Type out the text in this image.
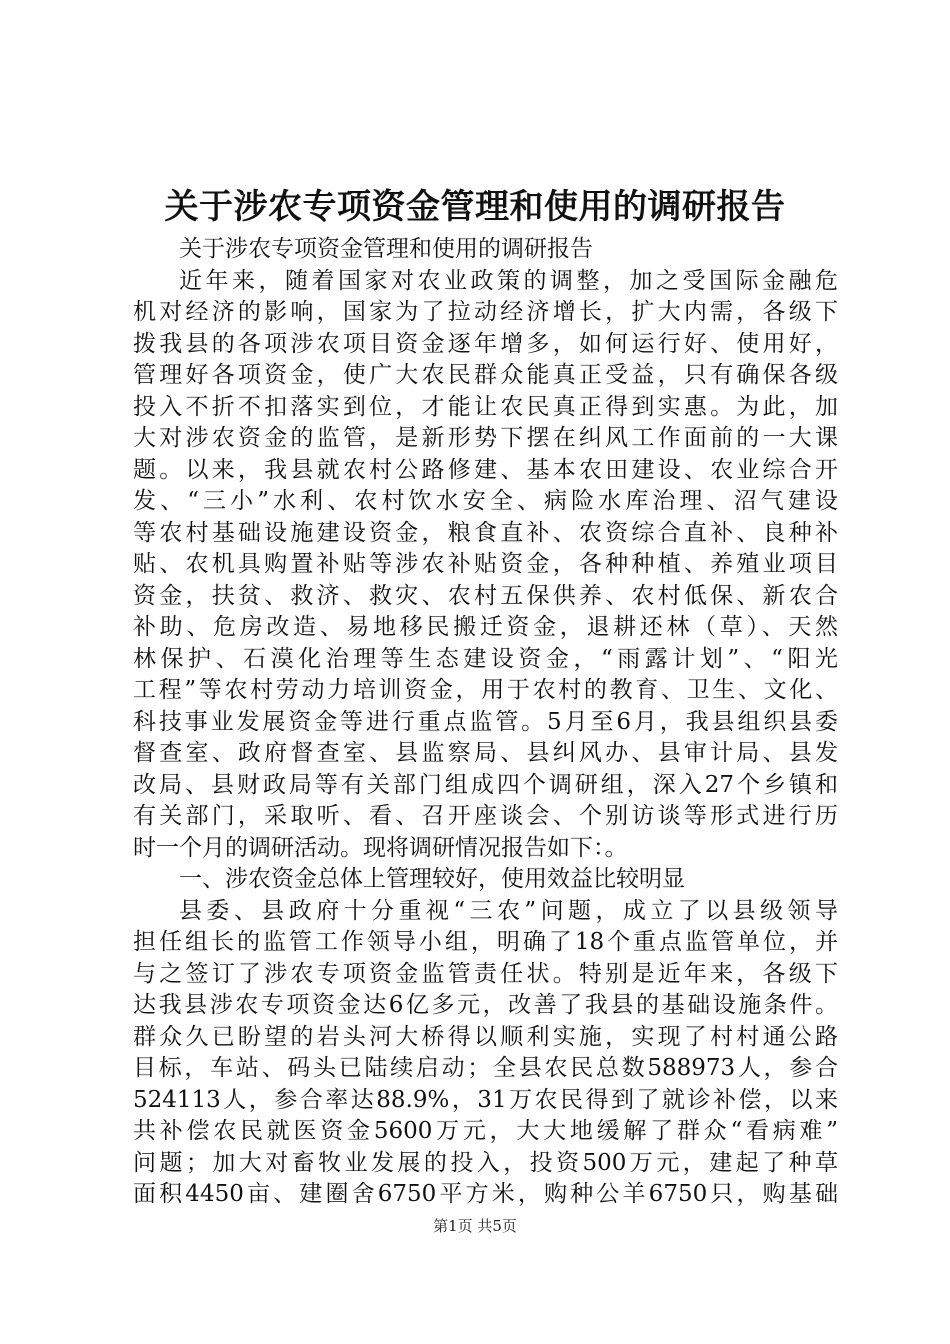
关于涉农专项资金管理和使用的调研报告
关于涉农专项资金管理和使用的调研报告
近年来，随着国家对农业政策的调整，加之受国际金融危
机对经济的影响，国家为了拉动经济增长，扩大内需，各级下
拨我县的各项涉农项目资金逐年增多，如何运行好、使用好，
管理好各项资金，使广大农民群众能真正受益，只有确保各级
投入不折不扣落实到位，才能让农民真正得到实惠。为此，加
大对涉农资金的监管，是新形势下摆在纠风工作面前的一大课
题。以来，我县就农村公路修建、基本农田建设、农业综合开
发、“三小”水利、农村饮水安全、病险水库治理、沼气建设
等农村基础设施建设资金，粮食直补、农资综合直补、良种补
贴、农机具购置补贴等涉农补贴资金，各种种植、养殖业项目
资金，扶贫、救济、救灾、农村五保供养、农村低保、新农合
补助、危房改造、易地移民搬迁资金，退耕还林（草）、天然
林保护、石漠化治理等生态建设资金，“雨露计划”、“阳光
工程”等农村劳动力培训资金，用于农村的教育、卫生、文化、
科技事业发展资金等进行重点监管。5月至6月，我县组织县委
督查室、政府督查室、县监察局、县纠风办、县审计局、县发
改局、县财政局等有关部门组成四个调研组，深入27个乡镇和
有关部门，采取听、看、召开座谈会、个别访谈等形式进行历
时一个月的调研活动。现将调研情况报告如下：。
一、涉农资金总体上管理较好，使用效益比较明显
县委、县政府十分重视“三农”问题，成立了以县级领导
担任组长的监管工作领导小组，明确了18个重点监管单位，并
与之签订了涉农专项资金监管责任状。特别是近年来，各级下
达我县涉农专项资金达6亿多元，改善了我县的基础设施条件。
群众久已盼望的岩头河大桥得以顺利实施，实现了村村通公路
目标，车站、码头已陆续启动；全县农民总数588973人，参合
524113人，参合率达88.9%，31万农民得到了就诊补偿，以来
共补偿农民就医资金5600万元，大大地缓解了群众“看病难”
问题；加大对畜牧业发展的投入，投资500万元，建起了种草
面积4450亩、建圈舍6750平方米，购种公羊6750只，购基础
第1页 共5页
